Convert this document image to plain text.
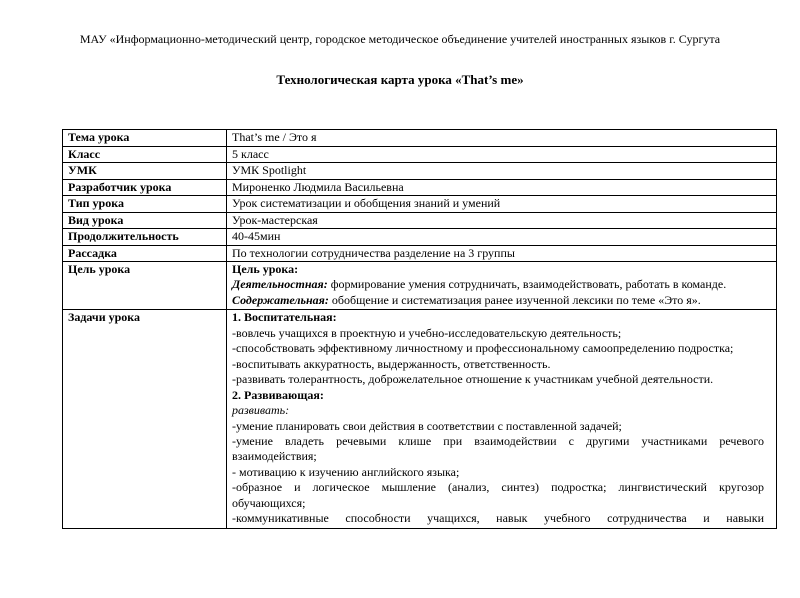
МАУ «Информационно-методический центр, городское методическое объединение учителей иностранных языков г. Сургута
Технологическая карта урока «That’s me»
Тема урока	That’s me / Это я
Класс	5 класс
УМК	УМК Spotlight
Разработчик урока	Мироненко Людмила Васильевна
Тип урока	Урок систематизации и обобщения знаний и умений
Вид урока	Урок-мастерская
Продолжительность	40-45мин
Рассадка	По технологии сотрудничества разделение на 3 группы
Цель урока	Цель урока:

Деятельностная: формирование умения сотрудничать, взаимодействовать, работать в команде.

Содержательная: обобщение и систематизация ранее изученной лексики по теме «Это я».

Задачи урока	1. Воспитательная:

-вовлечь учащихся в проектную и учебно-исследовательскую деятельность;

-способствовать эффективному личностному и профессиональному самоопределению подростка;

-воспитывать аккуратность, выдержанность, ответственность.

-развивать толерантность, доброжелательное отношение к участникам учебной деятельности.

2. Развивающая:

развивать:

-умение планировать свои действия в соответствии с поставленной задачей;

-умение владеть речевыми клише при взаимодействии с другими участниками речевого взаимодействия;

- мотивацию к изучению английского языка;

-образное и логическое мышление (анализ, синтез) подростка; лингвистический кругозор обучающихся;

-коммуникативные способности учащихся, навык учебного сотрудничества и навыки
